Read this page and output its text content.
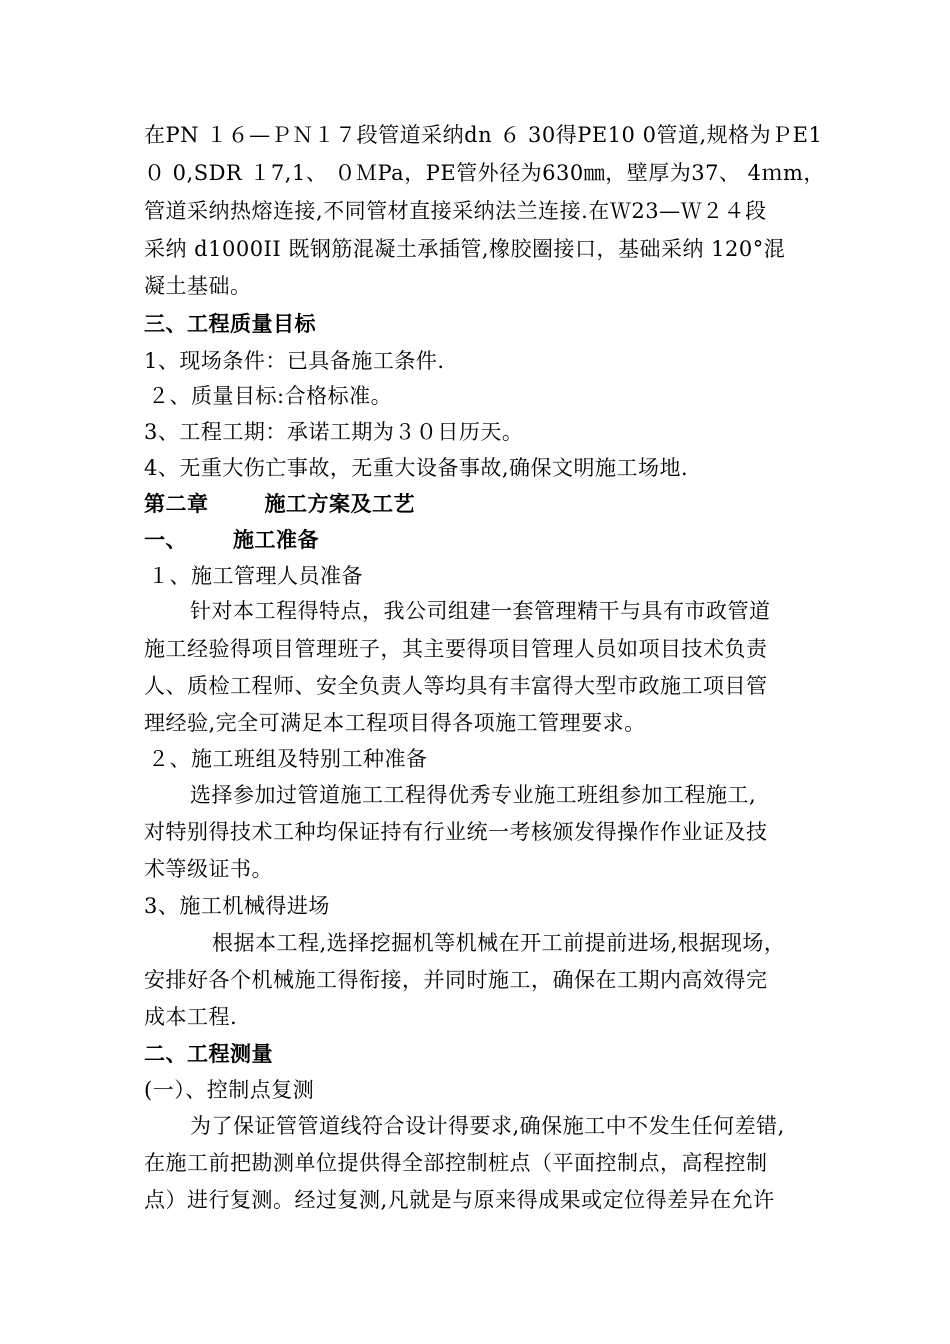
在PN １６—ＰＮ１７段管道采纳dn ６ 30得PE10 0管道,规格为ＰE1
０ 0,SDR １7,1、 ０ＭPa，PE管外径为630㎜，壁厚为37、 4ｍm，
管道采纳热熔连接,不同管材直接采纳法兰连接.在Ｗ23—Ｗ２４段
采纳 d1000II 既钢筋混凝土承插管,橡胶圈接口，基础采纳 120°混
凝土基础。
三、工程质量目标
1、现场条件：已具备施工条件.
２、质量目标:合格标准。
3、工程工期：承诺工期为３０日历天。
4、无重大伤亡事故，无重大设备事故,确保文明施工场地.
第二章	施工方案及工艺
一、 施工准备
１、施工管理人员准备
针对本工程得特点，我公司组建一套管理精干与具有市政管道
施工经验得项目管理班子，其主要得项目管理人员如项目技术负责
人、质检工程师、安全负责人等均具有丰富得大型市政施工项目管
理经验,完全可满足本工程项目得各项施工管理要求。
２、施工班组及特别工种准备
选择参加过管道施工工程得优秀专业施工班组参加工程施工,
对特别得技术工种均保证持有行业统一考核颁发得操作作业证及技
术等级证书。
3、施工机械得进场
根据本工程,选择挖掘机等机械在开工前提前进场,根据现场，
安排好各个机械施工得衔接，并同时施工，确保在工期内高效得完
成本工程.
二、工程测量
(一）、控制点复测
为了保证管管道线符合设计得要求,确保施工中不发生任何差错,
在施工前把勘测单位提供得全部控制桩点（平面控制点，高程控制
点）进行复测。经过复测,凡就是与原来得成果或定位得差异在允许
